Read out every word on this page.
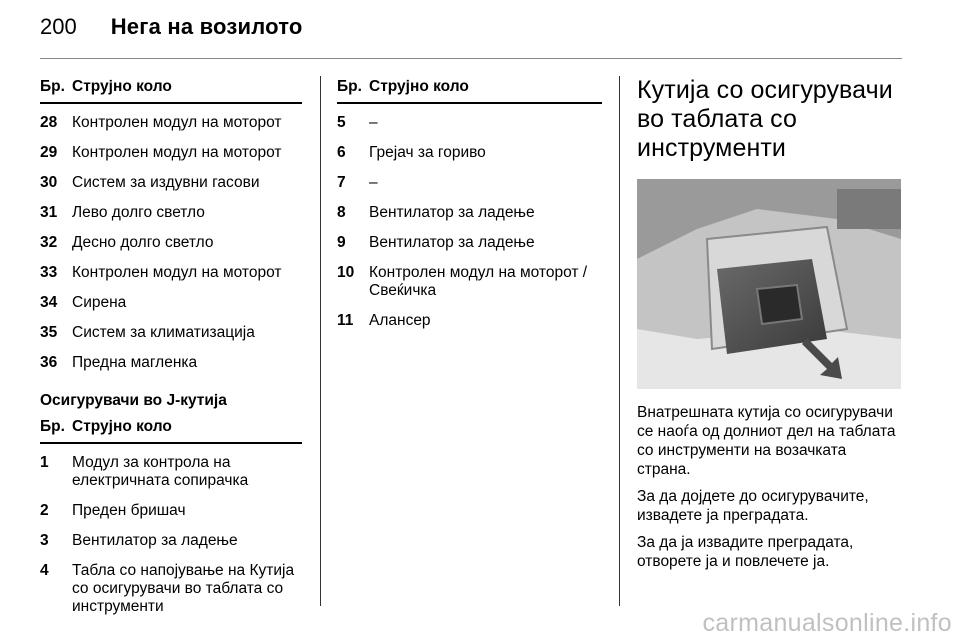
200 Нега на возилото
Бр. Струјно коло
28 Контролен модул на моторот
29 Контролен модул на моторот
30 Систем за издувни гасови
31 Лево долго светло
32 Десно долго светло
33 Контролен модул на моторот
34 Сирена
35 Систем за климатизација
36 Предна магленка
Осигурувачи во J-кутија
Бр. Струјно коло
1	Модул за контрола на електричната сопирачка
2	Преден бришач
3	Вентилатор за ладење
4	Табла со напојување на Кутија со осигурувачи во таблата со инструменти
Бр. Струјно коло
5	–
6	Грејач за гориво
7	–
8	Вентилатор за ладење
9	Вентилатор за ладење
10 Контролен модул на моторот / Свеќичка
11	Алансер
Кутија со осигурувачи во таблата со инструменти
Внатрешната кутија со осигурувачи се наоѓа од долниот дел на таблата со инструменти на возачката страна.
За да дојдете до осигурувачите, извадете ја преградата.
За да ја извадите преградата, отворете ја и повлечете ја.
carmanualsonline.info
